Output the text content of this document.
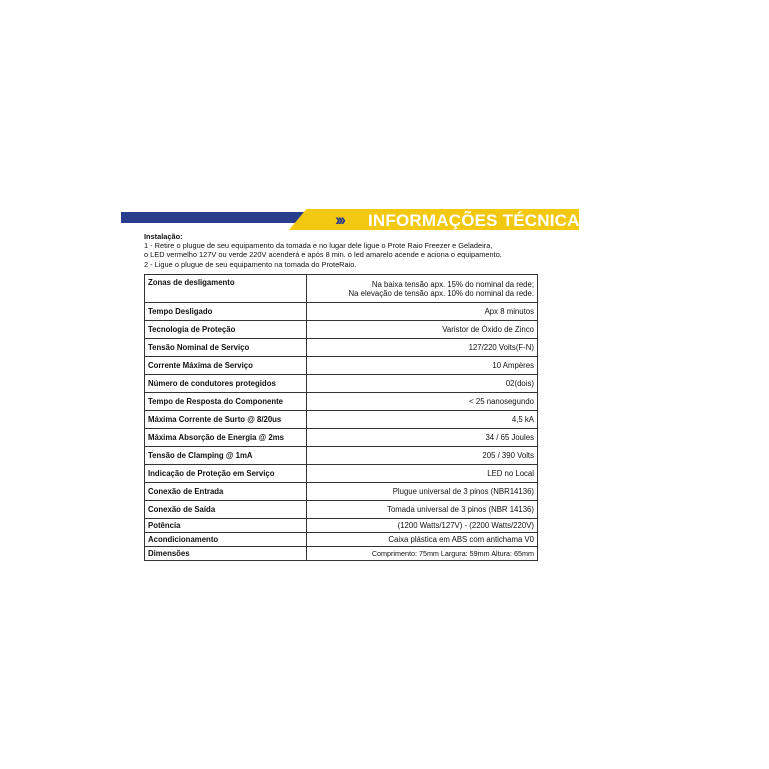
››› INFORMAÇÕES TÉCNICAS
Instalação:
1 - Retire o plugue de seu equipamento da tomada e no lugar dele ligue o Prote Raio Freezer e Geladeira,
o LED vermelho 127V ou verde 220V acenderá e após 8 min. o led amarelo acende e aciona o equipamento.
2 - Ligue o plugue de seu equipamento na tomada do ProteRaio.
Zonas de desligamento	Na baixa tensão apx. 15% do nominal da rede;
Na elevação de tensão apx. 10% do nominal da rede.

Tempo Desligado	Apx 8 minutos
Tecnologia de Proteção	Varistor de Óxido de Zinco
Tensão Nominal de Serviço	127/220 Volts(F-N)
Corrente Máxima de Serviço	10 Ampères
Número de condutores protegidos	02(dois)
Tempo de Resposta do Componente	< 25 nanosegundo
Máxima Corrente de Surto @ 8/20us	4,5 kA
Máxima Absorção de Energia @ 2ms	34 / 65 Joules
Tensão de Clamping @ 1mA	205 / 390 Volts
Indicação de Proteção em Serviço	LED no Local
Conexão de Entrada	Plugue universal de 3 pinos (NBR14136)
Conexão de Saída	Tomada universal de 3 pinos (NBR 14136)
Potência	(1200 Watts/127V) - (2200 Watts/220V)
Acondicionamento	Caixa plástica em ABS com antichama V0
Dimensões	Comprimento: 75mm Largura: 59mm Altura: 65mm
